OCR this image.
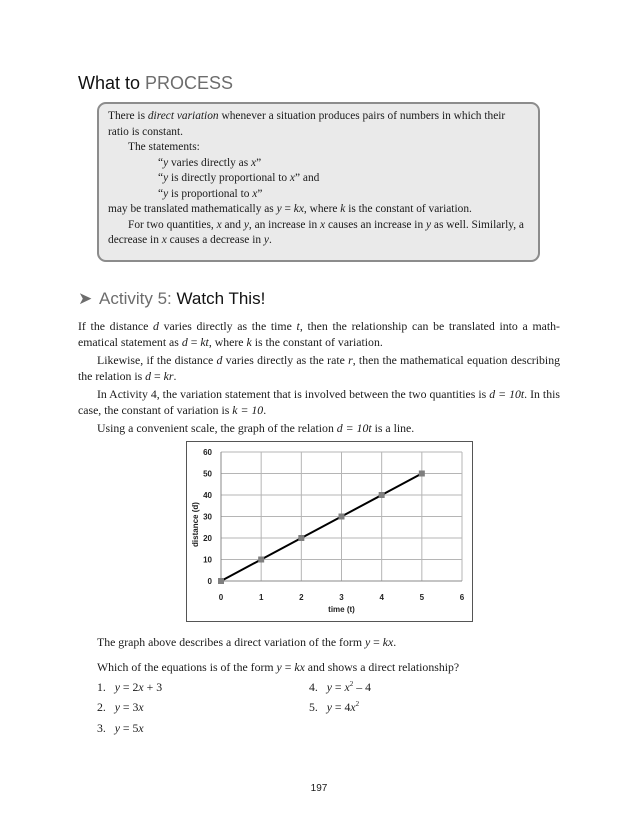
What to PROCESS

There is direct variation whenever a situation produces pairs of numbers in which their

ratio is constant.

The statements:

“y varies directly as x”

“y is directly proportional to x” and

“y is proportional to x”

may be translated mathematically as y = kx, where k is the constant of variation.

For two quantities, x and y, an increase in x causes an increase in y as well. Similarly, a

decrease in x causes a decrease in y.

➤ Activity 5: Watch This!

If the distance d varies directly as the time t, then the relationship can be translated into a math-ematical statement as d = kt, where k is the constant of variation.

Likewise, if the distance d varies directly as the rate r, then the mathematical equation describing the relation is d = kr.

In Activity 4, the variation statement that is involved between the two quantities is d = 10t. In this case, the constant of variation is k = 10.

Using a convenient scale, the graph of the relation d = 10t is a line.

0	1	2	3	4	5	6
0
10
20
30
40
50
60
time (t)
distance (d)

The graph above describes a direct variation of the form y = kx.

Which of the equations is of the form y = kx and shows a direct relationship?

1. y = 2x + 3
2. y = 3x
3. y = 5x
4. $y = x^2 - 4$
5. $y = 4x^2$
197
